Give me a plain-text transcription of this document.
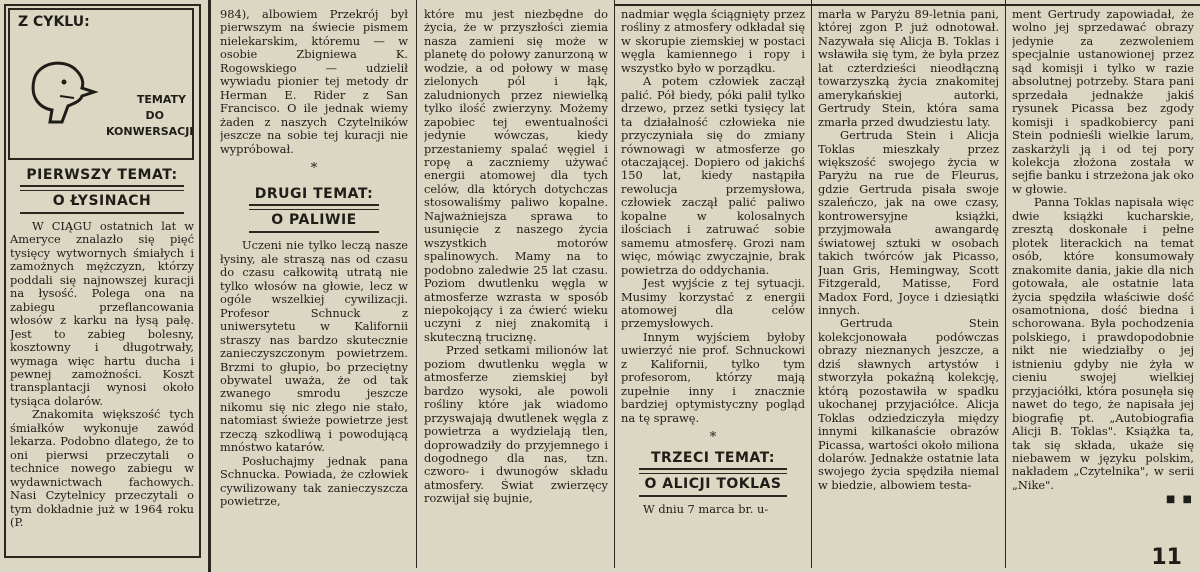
Z CYKLU:
TEMATY
DO
KONWERSACJI
PIERWSZY TEMAT:
O ŁYSINACH

W CIĄGU ostatnich lat w Ameryce znalazło się pięć tysięcy wytwornych śmiałych i zamożnych mężczyzn, którzy poddali się najnowszej kuracji na łysość. Polega ona na zabiegu przeflancowania włosów z karku na łysą pałę. Jest to zabieg bolesny, kosztowny i długotrwały, wymaga więc hartu ducha i pewnej zamożności. Koszt transplantacji wynosi około tysiąca dolarów.

Znakomita większość tych śmiałków wykonuje zawód lekarza. Podobno dlatego, że to oni pierwsi przeczytali o technice nowego zabiegu w wydawnictwach fachowych. Nasi Czytelnicy przeczytali o tym dokładnie już w 1964 roku (P.

984), albowiem Przekrój był pierwszym na świecie pismem nielekarskim, któremu — w osobie Zbigniewa K. Rogowskiego — udzielił wywiadu pionier tej metody dr Herman E. Rider z San Francisco. O ile jednak wiemy żaden z naszych Czytelników jeszcze na sobie tej kuracji nie wypróbował.

*
DRUGI TEMAT:
O PALIWIE

Uczeni nie tylko leczą nasze łysiny, ale straszą nas od czasu do czasu całkowitą utratą nie tylko włosów na głowie, lecz w ogóle wszelkiej cywilizacji. Profesor Schnuck z uniwersytetu w Kalifornii straszy nas bardzo skutecznie zanieczyszczonym powietrzem. Brzmi to głupio, bo przeciętny obywatel uważa, że od tak zwanego smrodu jeszcze nikomu się nic złego nie stało, natomiast świeże powietrze jest rzeczą szkodliwą i powodującą mnóstwo katarów.

Posłuchajmy jednak pana Schnucka. Powiada, że człowiek cywilizowany tak zanieczyszcza powietrze,

które mu jest niezbędne do życia, że w przyszłości ziemia nasza zamieni się może w planetę do połowy zanurzoną w wodzie, a od połowy w masę zielonych pól i łąk, zaludnionych przez niewielką tylko ilość zwierzyny. Możemy zapobiec tej ewentualności jedynie wówczas, kiedy przestaniemy spalać węgiel i ropę a zaczniemy używać energii atomowej dla tych celów, dla których dotychczas stosowaliśmy paliwo kopalne. Najważniejsza sprawa to usunięcie z naszego życia wszystkich motorów spalinowych. Mamy na to podobno zaledwie 25 lat czasu. Poziom dwutlenku węgla w atmosferze wzrasta w sposób niepokojący i za ćwierć wieku uczyni z niej znakomitą i skuteczną truciznę.

Przed setkami milionów lat poziom dwutlenku węgla w atmosferze ziemskiej był bardzo wysoki, ale powoli rośliny które jak wiadomo przyswajają dwutlenek węgla z powietrza a wydzielają tlen, doprowadziły do przyjemnego i dogodnego dla nas, tzn. czworo- i dwunogów składu atmosfery. Świat zwierzęcy rozwijał się bujnie,

nadmiar węgla ściągnięty przez rośliny z atmosfery odkładał się w skorupie ziemskiej w postaci węgla kamiennego i ropy i wszystko było w porządku.

A potem człowiek zaczął palić. Pół biedy, póki palił tylko drzewo, przez setki tysięcy lat ta działalność człowieka nie przyczyniała się do zmiany równowagi w atmosferze go otaczającej. Dopiero od jakichś 150 lat, kiedy nastąpiła rewolucja przemysłowa, człowiek zaczął palić paliwo kopalne w kolosalnych ilościach i zatruwać sobie samemu atmosferę. Grozi nam więc, mówiąc zwyczajnie, brak powietrza do oddychania.

Jest wyjście z tej sytuacji. Musimy korzystać z energii atomowej dla celów przemysłowych.

Innym wyjściem byłoby uwierzyć nie prof. Schnuckowi z Kalifornii, tylko tym profesorom, którzy mają zupełnie inny i znacznie bardziej optymistyczny pogląd na tę sprawę.

*
TRZECI TEMAT:
O ALICJI TOKLAS

W dniu 7 marca br. u-

marła w Paryżu 89-letnia pani, której zgon P. już odnotował. Nazywała się Alicja B. Toklas i wsławiła się tym, że była przez lat czterdzieści nieodłączną towarzyszką życia znakomitej amerykańskiej autorki, Gertrudy Stein, która sama zmarła przed dwudziestu laty.

Gertruda Stein i Alicja Toklas mieszkały przez większość swojego życia w Paryżu na rue de Fleurus, gdzie Gertruda pisała swoje szaleńczo, jak na owe czasy, kontrowersyjne książki, przyjmowała awangardę światowej sztuki w osobach takich twórców jak Picasso, Juan Gris, Hemingway, Scott Fitzgerald, Matisse, Ford Madox Ford, Joyce i dziesiątki innych.

Gertruda Stein kolekcjonowała podówczas obrazy nieznanych jeszcze, a dziś sławnych artystów i stworzyła pokaźną kolekcję, którą pozostawiła w spadku ukochanej przyjaciółce. Alicja Toklas odziedziczyła między innymi kilkanaście obrazów Picassa, wartości około miliona dolarów. Jednakże ostatnie lata swojego życia spędziła niemal w biedzie, albowiem testa-

ment Gertrudy zapowiadał, że wolno jej sprzedawać obrazy jedynie za zezwoleniem specjalnie ustanowionej przez sąd komisji i tylko w razie absolutnej potrzeby. Stara pani sprzedała jednakże jakiś rysunek Picassa bez zgody komisji i spadkobiercy pani Stein podnieśli wielkie larum, zaskarżyli ją i od tej pory kolekcja złożona została w sejfie banku i strzeżona jak oko w głowie.

Panna Toklas napisała więc dwie książki kucharskie, zresztą doskonałe i pełne plotek literackich na temat osób, które konsumowały znakomite dania, jakie dla nich gotowała, ale ostatnie lata życia spędziła właściwie dość osamotniona, dość biedna i schorowana. Była pochodzenia polskiego, i prawdopodobnie nikt nie wiedziałby o jej istnieniu gdyby nie żyła w cieniu swojej wielkiej przyjaciółki, która posunęła się nawet do tego, że napisała jej biografię pt. „Autobiografia Alicji B. Toklas". Książka ta, tak się składa, ukaże się niebawem w języku polskim, nakładem „Czytelnika", w serii „Nike".

■ ■
11
